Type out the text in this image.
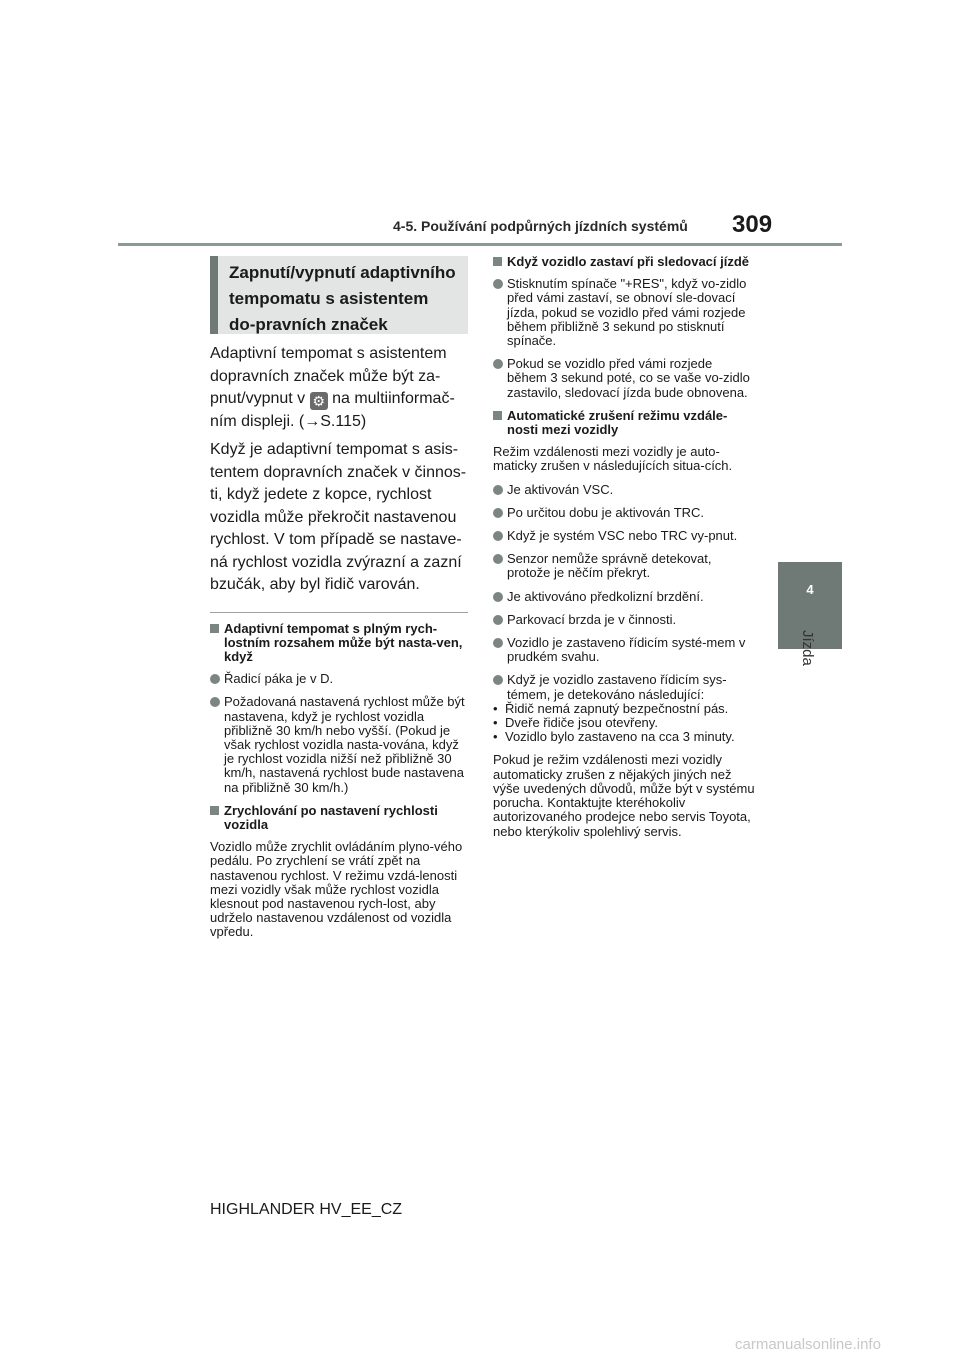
4-5. Používání podpůrných jízdních systémů 309
4
Jízda
Zapnutí/vypnutí adaptivního tempomatu s asistentem do-pravních značek

Adaptivní tempomat s asistentem dopravních značek může být za-pnut/vypnut v ⚙ na multiinformač-ním displeji. (→S.115)

Když je adaptivní tempomat s asis-tentem dopravních značek v činnos-ti, když jedete z kopce, rychlost vozidla může překročit nastavenou rychlost. V tom případě se nastave-ná rychlost vozidla zvýrazní a zazní bzučák, aby byl řidič varován.

Adaptivní tempomat s plným rych-lostním rozsahem může být nasta-ven, když
Řadicí páka je v D.
Požadovaná nastavená rychlost může být nastavena, když je rychlost vozidla přibližně 30 km/h nebo vyšší. (Pokud je však rychlost vozidla nasta-vována, když je rychlost vozidla nižší než přibližně 30 km/h, nastavená rychlost bude nastavena na přibližně 30 km/h.)
Zrychlování po nastavení rychlosti vozidla

Vozidlo může zrychlit ovládáním plyno-vého pedálu. Po zrychlení se vrátí zpět na nastavenou rychlost. V režimu vzdá-lenosti mezi vozidly však může rychlost vozidla klesnout pod nastavenou rych-lost, aby udrželo nastavenou vzdálenost od vozidla vpředu.

Když vozidlo zastaví při sledovací jízdě
Stisknutím spínače "+RES", když vo-zidlo před vámi zastaví, se obnoví sle-dovací jízda, pokud se vozidlo před vámi rozjede během přibližně 3 sekund po stisknutí spínače.
Pokud se vozidlo před vámi rozjede během 3 sekund poté, co se vaše vo-zidlo zastavilo, sledovací jízda bude obnovena.
Automatické zrušení režimu vzdále-nosti mezi vozidly

Režim vzdálenosti mezi vozidly je auto-maticky zrušen v následujících situa-cích.

Je aktivován VSC.
Po určitou dobu je aktivován TRC.
Když je systém VSC nebo TRC vy-pnut.
Senzor nemůže správně detekovat, protože je něčím překryt.
Je aktivováno předkolizní brzdění.
Parkovací brzda je v činnosti.
Vozidlo je zastaveno řídicím systé-mem v prudkém svahu.
Když je vozidlo zastaveno řídicím sys-témem, je detekováno následující:
• Řidič nemá zapnutý bezpečnostní pás.
• Dveře řidiče jsou otevřeny.
• Vozidlo bylo zastaveno na cca 3 minuty.

Pokud je režim vzdálenosti mezi vozidly automaticky zrušen z nějakých jiných než výše uvedených důvodů, může být v systému porucha. Kontaktujte kteréhokoliv autorizovaného prodejce nebo servis Toyota, nebo kterýkoliv spolehlivý servis.

HIGHLANDER HV_EE_CZ
carmanualsonline.info
